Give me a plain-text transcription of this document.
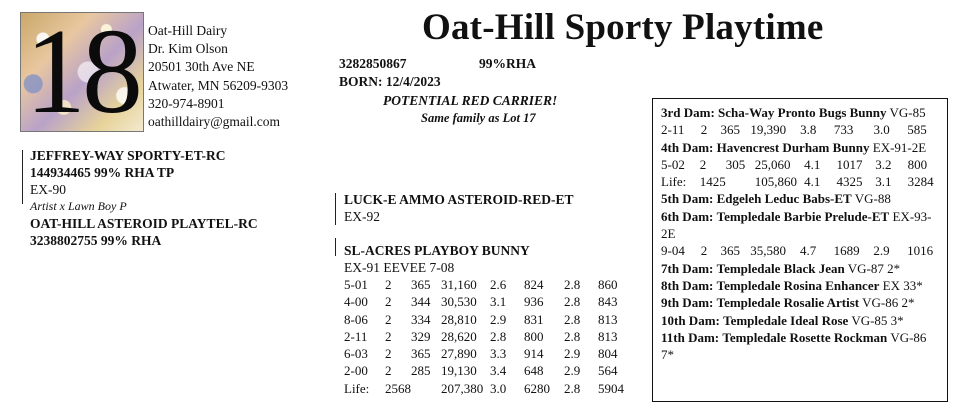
18 Oat-Hill Dairy
Dr. Kim Olson
20501 30th Ave NE
Atwater, MN 56209-9303
320-974-8901
oathilldairy@gmail.com
Oat-Hill Sporty Playtime
3282850867	99%RHA
BORN: 12/4/2023
POTENTIAL RED CARRIER!
Same family as Lot 17
JEFFREY-WAY SPORTY-ET-RC
144934465 99% RHA TP
EX-90
Artist x Lawn Boy P
OAT-HILL ASTEROID PLAYTEL-RC
3238802755 99% RHA
LUCK-E AMMO ASTEROID-RED-ET
EX-92
SL-ACRES PLAYBOY BUNNY
EX-91 EEVEE 7-08
5-01	2	365	31,160	2.6	824	2.8	860
4-00	2	344	30,530	3.1	936	2.8	843
8-06	2	334	28,810	2.9	831	2.8	813
2-11	2	329	28,620	2.8	800	2.8	813
6-03	2	365	27,890	3.3	914	2.9	804
2-00	2	285	19,130	3.4	648	2.9	564
Life:	2568		207,380	3.0	6280	2.8	5904
3rd Dam: Scha-Way Pronto Bugs Bunny VG-85
2-11	2	365	19,390	3.8	733	3.0	585
4th Dam: Havencrest Durham Bunny EX-91-2E
5-02	2	305	25,060	4.1	1017	3.2	800
Life:	1425		105,860	4.1	4325	3.1	3284
5th Dam: Edgeleh Leduc Babs-ET VG-88
6th Dam: Templedale Barbie Prelude-ET EX-93-2E
9-04	2	365	35,580	4.7	1689	2.9	1016
7th Dam: Templedale Black Jean VG-87 2*
8th Dam: Templedale Rosina Enhancer EX 33*
9th Dam: Templedale Rosalie Artist VG-86 2*
10th Dam: Templedale Ideal Rose VG-85 3*
11th Dam: Templedale Rosette Rockman VG-86 7*
